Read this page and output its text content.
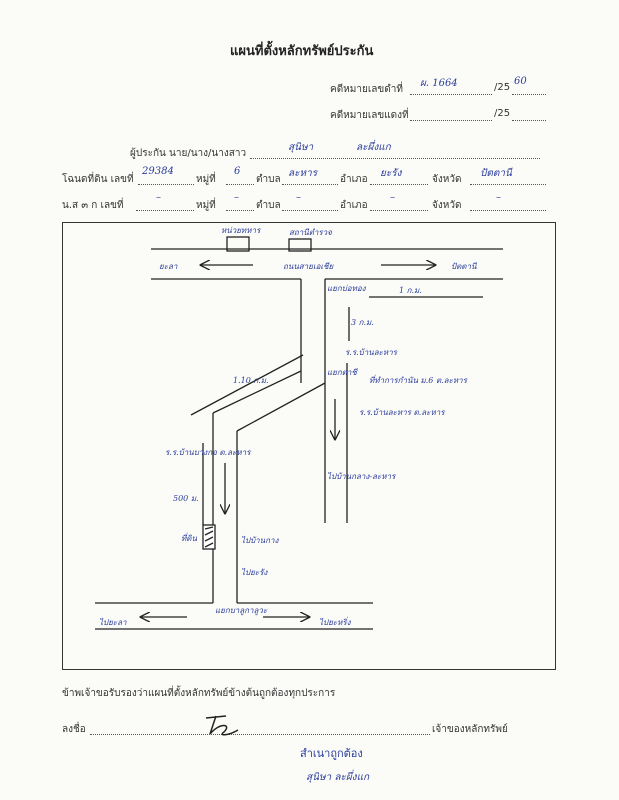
แผนที่ตั้งหลักทรัพย์ประกัน
คดีหมายเลขดำที่
ผ. 1664	/25
60
คดีหมายเลขแดงที่	/25
ผู้ประกัน นาย/นาง/นางสาว
สุนิษา	ละผึ่งแก
โฉนดที่ดิน เลขที่
29384
หมู่ที่
6
ตำบล
ละหาร
อำเภอ
ยะรัง
จังหวัด
ปัตตานี
น.ส ๓ ก เลขที่
–
หมู่ที่
–
ตำบล
–
อำเภอ
–
จังหวัด
–
หน่วยทหาร	สถานีตำรวจ
ยะลา	ถนนสายเอเชีย	ปัตตานี
แยกบ่อทอง	1 ก.ม.
3 ก.ม.
ร.ร.บ้านละหาร
1.10 ก.ม.
แยกตาชี
ที่ทำการกำนัน ม.6 ต.ละหาร
ร.ร.บ้านละหาร ต.ละหาร
ร.ร.บ้านบางกอ ต.ละหาร
500 ม.
ที่ดิน	ไปบ้านกาง
ไปยะรัง
ไปบ้านกลาง-ละหาร
แยกบาลูกาลูวะ
ไปยะลา	ไปยะหริ่ง
ข้าพเจ้าขอรับรองว่าแผนที่ตั้งหลักทรัพย์ข้างต้นถูกต้องทุกประการ
ลงชื่อ	เจ้าของหลักทรัพย์
สำเนาถูกต้อง
สุนิษา ละผึ่งแก
